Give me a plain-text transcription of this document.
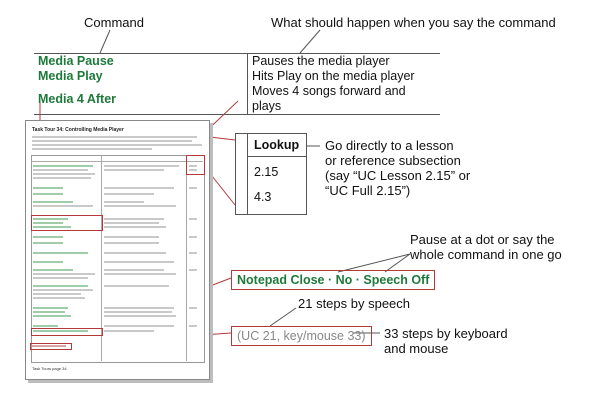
Command	What should happen when you say the command
Media Pause	Pauses the media player
Media Play	Hits Play on the media player
Media 4 After	Moves 4 songs forward and plays
Task Tour 34: Controlling Media Player
Task Tours page 34
Lookup
2.15
4.3
Go directly to a lesson
or reference subsection
(say “UC Lesson 2.15” or
“UC Full 2.15”)
Pause at a dot or say the
whole command in one go
Notepad Close · No · Speech Off
21 steps by speech
(UC 21, key/mouse 33)	33 steps by keyboard
and mouse
